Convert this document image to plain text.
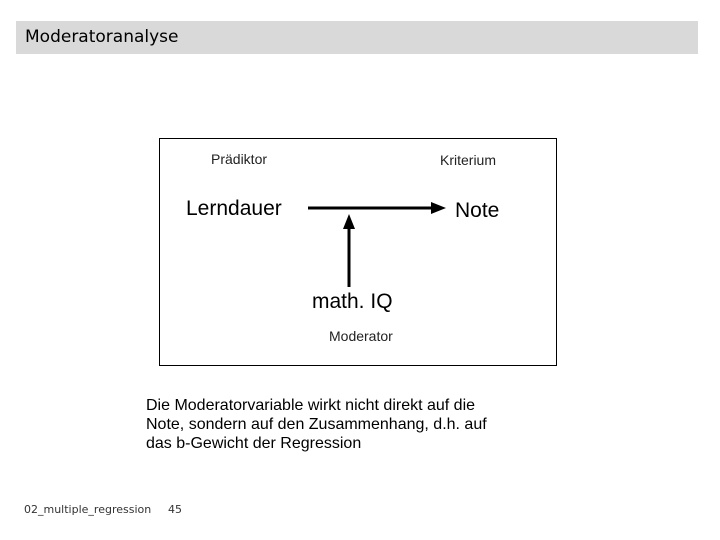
Moderatoranalyse
Prädiktor	Kriterium
Lerndauer	Note
math. IQ
Moderator
Die Moderatorvariable wirkt nicht direkt auf die
Note, sondern auf den Zusammenhang, d.h. auf
das b-Gewicht der Regression
02_multiple_regression 45
